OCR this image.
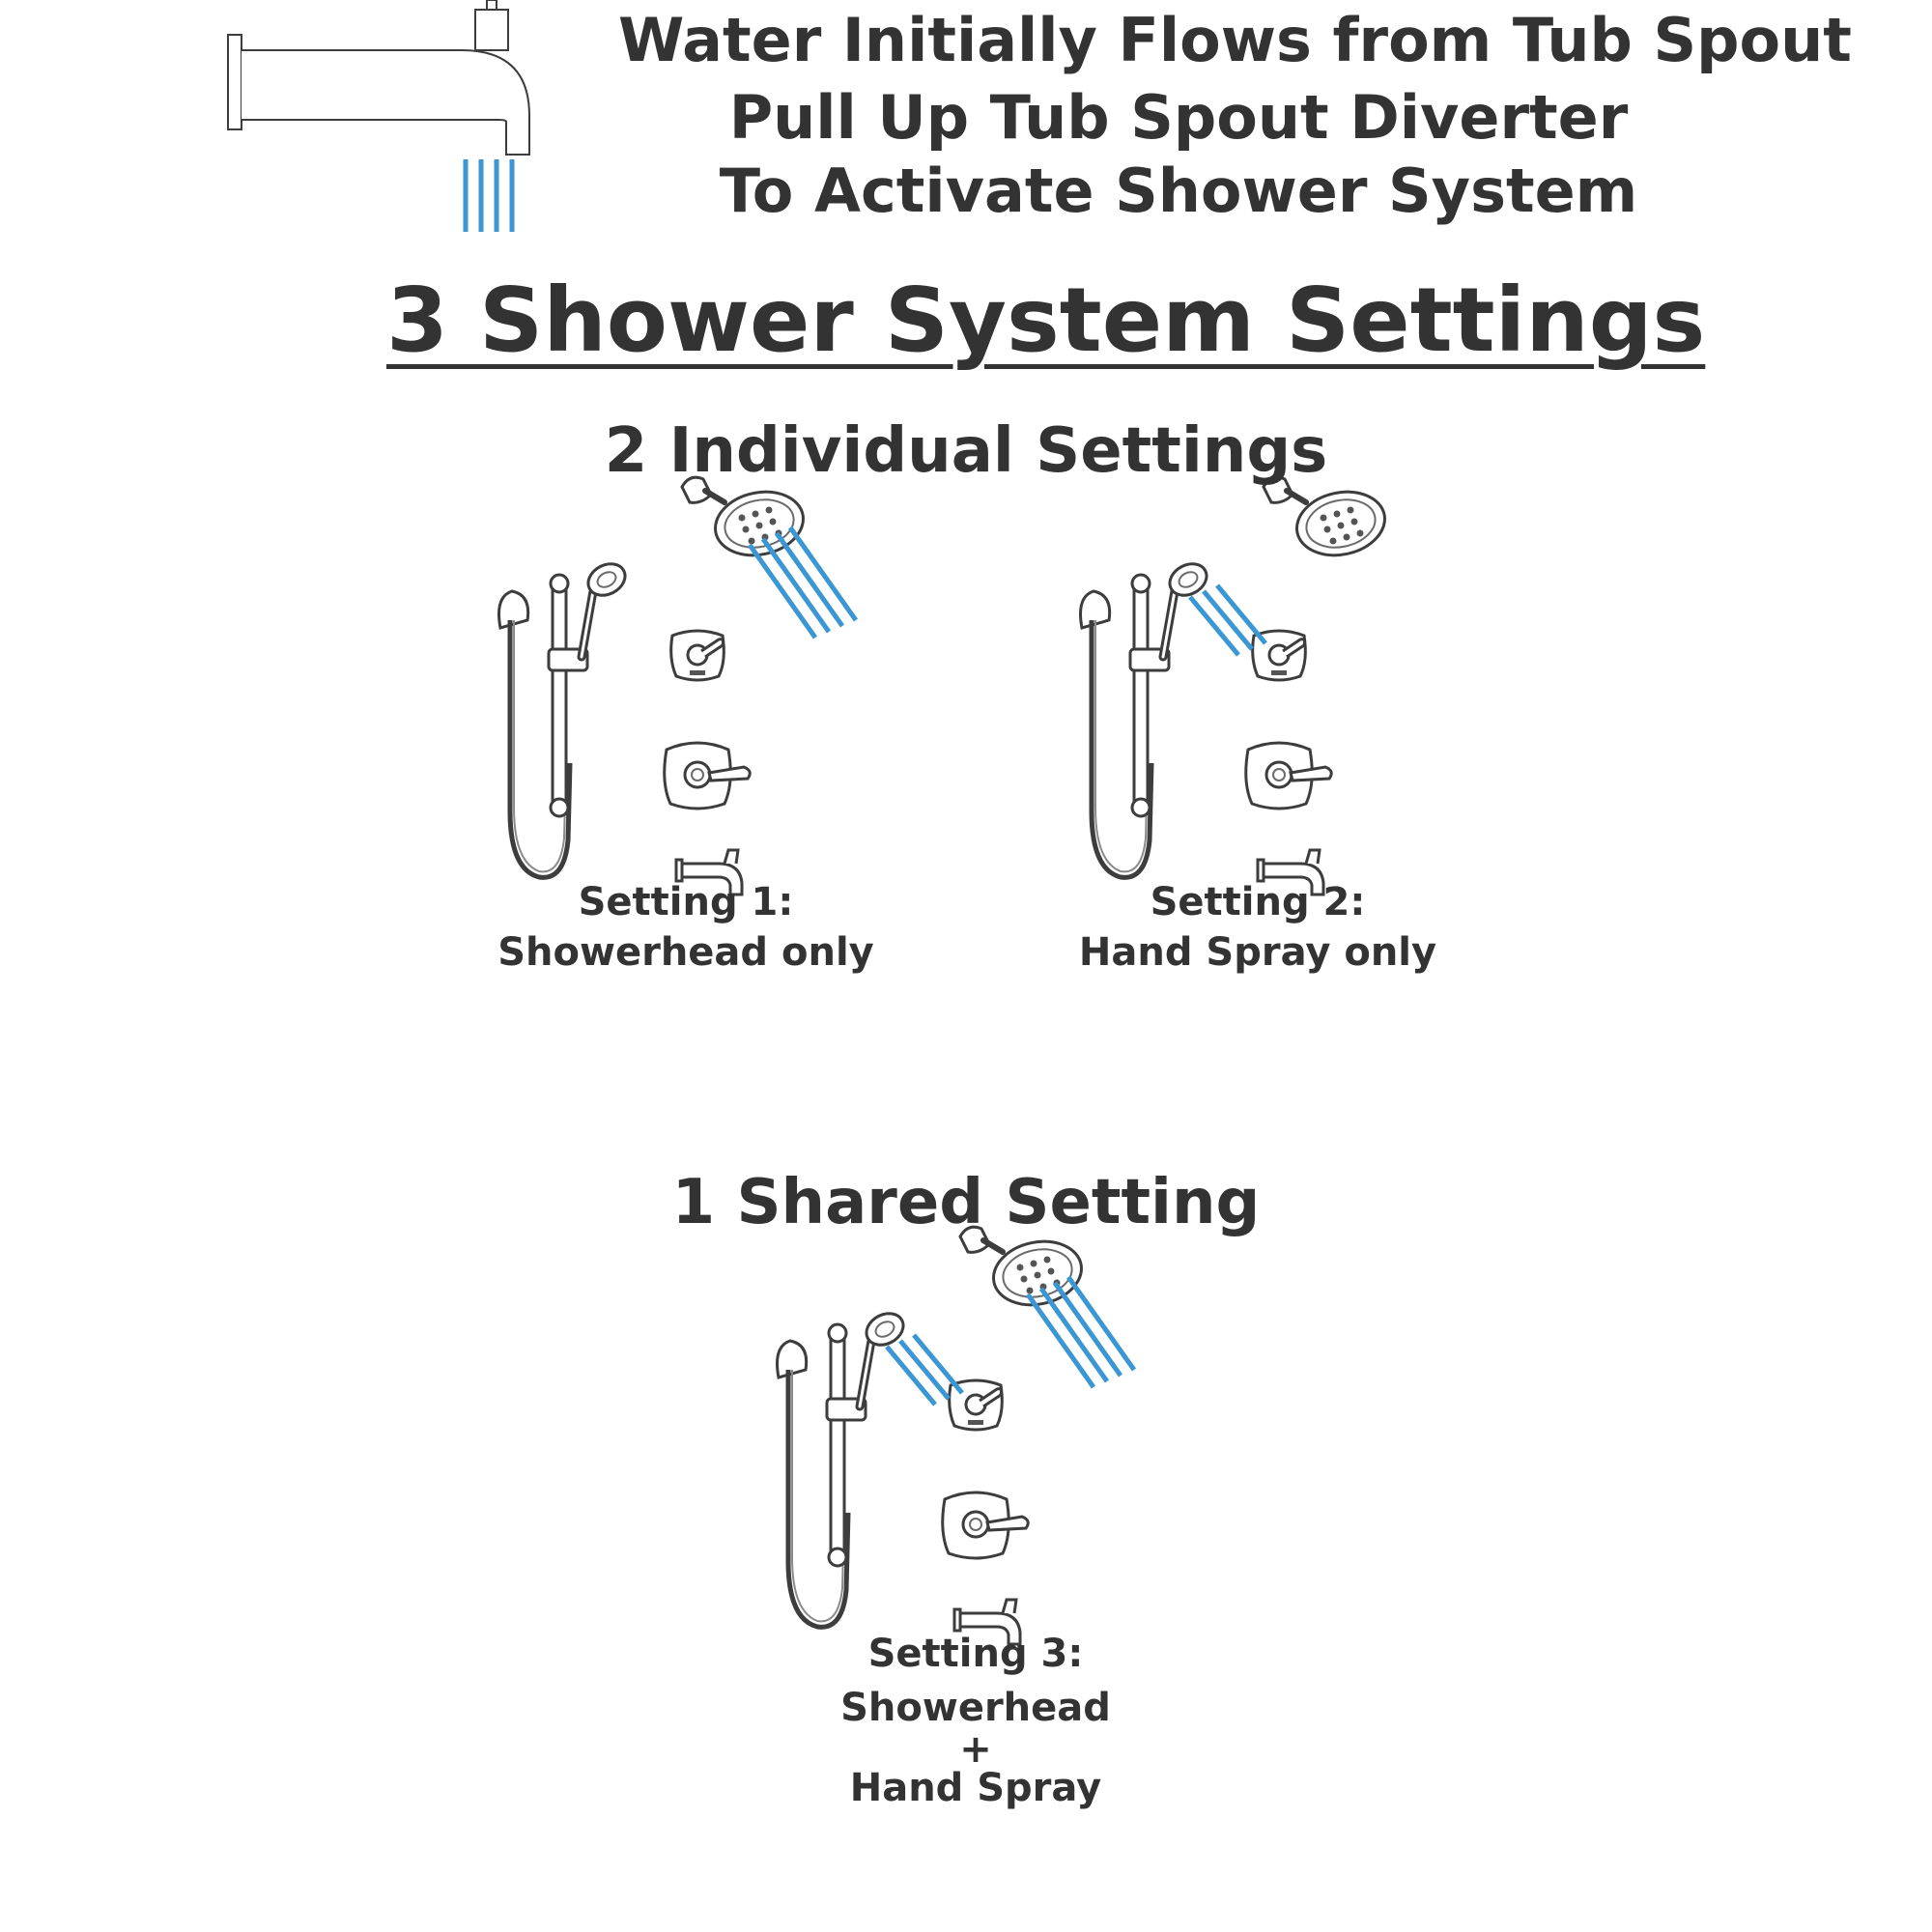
Water Initially Flows from Tub Spout
Pull Up Tub Spout Diverter
To Activate Shower System
3 Shower System Settings
2 Individual Settings
Setting 1:
Showerhead only
Setting 2:
Hand Spray only
1 Shared Setting
Setting 3:
Showerhead
+
Hand Spray
